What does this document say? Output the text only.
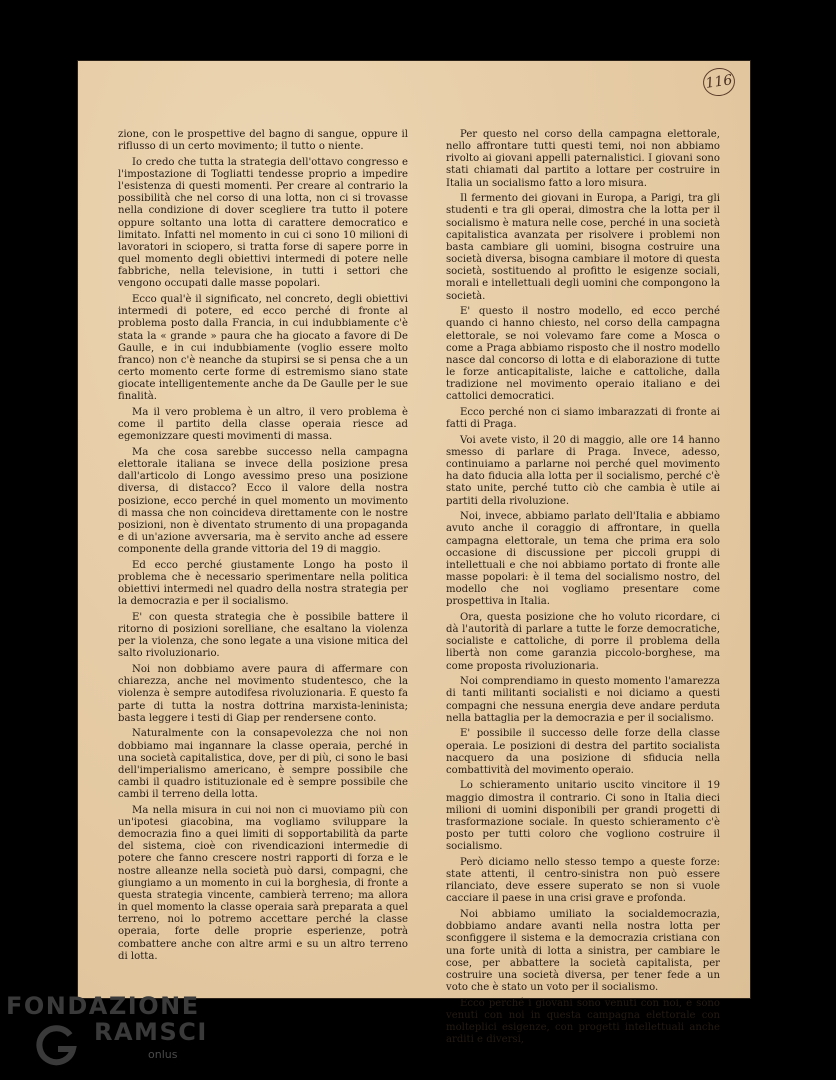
116

zione, con le prospettive del bagno di sangue, oppure il riflusso di un certo movimento; il tutto o niente.

Io credo che tutta la strategia dell'ottavo congresso e l'impostazione di Togliatti tendesse proprio a impedire l'esistenza di questi momenti. Per creare al contrario la possibilità che nel corso di una lotta, non ci si trovasse nella condizione di dover scegliere tra tutto il potere oppure soltanto una lotta di carattere democratico e limitato. Infatti nel momento in cui ci sono 10 milioni di lavoratori in sciopero, si tratta forse di sapere porre in quel momento degli obiettivi intermedi di potere nelle fabbriche, nella televisione, in tutti i settori che vengono occupati dalle masse popolari.

Ecco qual'è il significato, nel concreto, degli obiettivi intermedi di potere, ed ecco perché di fronte al problema posto dalla Francia, in cui indubbiamente c'è stata la « grande » paura che ha giocato a favore di De Gaulle, e in cui indubbiamente (voglio essere molto franco) non c'è neanche da stupirsi se si pensa che a un certo momento certe forme di estremismo siano state giocate intelligentemente anche da De Gaulle per le sue finalità.

Ma il vero problema è un altro, il vero problema è come il partito della classe operaia riesce ad egemonizzare questi movimenti di massa.

Ma che cosa sarebbe successo nella campagna elettorale italiana se invece della posizione presa dall'articolo di Longo avessimo preso una posizione diversa, di distacco? Ecco il valore della nostra posizione, ecco perché in quel momento un movimento di massa che non coincideva direttamente con le nostre posizioni, non è diventato strumento di una propaganda e di un'azione avversaria, ma è servito anche ad essere componente della grande vittoria del 19 di maggio.

Ed ecco perché giustamente Longo ha posto il problema che è necessario sperimentare nella politica obiettivi intermedi nel quadro della nostra strategia per la democrazia e per il socialismo.

E' con questa strategia che è possibile battere il ritorno di posizioni sorelliane, che esaltano la violenza per la violenza, che sono legate a una visione mitica del salto rivoluzionario.

Noi non dobbiamo avere paura di affermare con chiarezza, anche nel movimento studentesco, che la violenza è sempre autodifesa rivoluzionaria. E questo fa parte di tutta la nostra dottrina marxista-leninista; basta leggere i testi di Giap per rendersene conto.

Naturalmente con la consapevolezza che noi non dobbiamo mai ingannare la classe operaia, perché in una società capitalistica, dove, per di più, ci sono le basi dell'imperialismo americano, è sempre possibile che cambi il quadro istituzionale ed è sempre possibile che cambi il terreno della lotta.

Ma nella misura in cui noi non ci muoviamo più con un'ipotesi giacobina, ma vogliamo sviluppare la democrazia fino a quei limiti di sopportabilità da parte del sistema, cioè con rivendicazioni intermedie di potere che fanno crescere nostri rapporti di forza e le nostre alleanze nella società può darsi, compagni, che giungiamo a un momento in cui la borghesia, di fronte a questa strategia vincente, cambierà terreno; ma allora in quel momento la classe operaia sarà preparata a quel terreno, noi lo potremo accettare perché la classe operaia, forte delle proprie esperienze, potrà combattere anche con altre armi e su un altro terreno di lotta.

Per questo nel corso della campagna elettorale, nello affrontare tutti questi temi, noi non abbiamo rivolto ai giovani appelli paternalistici. I giovani sono stati chiamati dal partito a lottare per costruire in Italia un socialismo fatto a loro misura.

Il fermento dei giovani in Europa, a Parigi, tra gli studenti e tra gli operai, dimostra che la lotta per il socialismo è matura nelle cose, perché in una società capitalistica avanzata per risolvere i problemi non basta cambiare gli uomini, bisogna costruire una società diversa, bisogna cambiare il motore di questa società, sostituendo al profitto le esigenze sociali, morali e intellettuali degli uomini che compongono la società.

E' questo il nostro modello, ed ecco perché quando ci hanno chiesto, nel corso della campagna elettorale, se noi volevamo fare come a Mosca o come a Praga abbiamo risposto che il nostro modello nasce dal concorso di lotta e di elaborazione di tutte le forze anticapitaliste, laiche e cattoliche, dalla tradizione nel movimento operaio italiano e dei cattolici democratici.

Ecco perché non ci siamo imbarazzati di fronte ai fatti di Praga.

Voi avete visto, il 20 di maggio, alle ore 14 hanno smesso di parlare di Praga. Invece, adesso, continuiamo a parlarne noi perché quel movimento ha dato fiducia alla lotta per il socialismo, perché c'è stato unite, perché tutto ciò che cambia è utile ai partiti della rivoluzione.

Noi, invece, abbiamo parlato dell'Italia e abbiamo avuto anche il coraggio di affrontare, in quella campagna elettorale, un tema che prima era solo occasione di discussione per piccoli gruppi di intellettuali e che noi abbiamo portato di fronte alle masse popolari: è il tema del socialismo nostro, del modello che noi vogliamo presentare come prospettiva in Italia.

Ora, questa posizione che ho voluto ricordare, ci dà l'autorità di parlare a tutte le forze democratiche, socialiste e cattoliche, di porre il problema della libertà non come garanzia piccolo-borghese, ma come proposta rivoluzionaria.

Noi comprendiamo in questo momento l'amarezza di tanti militanti socialisti e noi diciamo a questi compagni che nessuna energia deve andare perduta nella battaglia per la democrazia e per il socialismo.

E' possibile il successo delle forze della classe operaia. Le posizioni di destra del partito socialista nacquero da una posizione di sfiducia nella combattività del movimento operaio.

Lo schieramento unitario uscito vincitore il 19 maggio dimostra il contrario. Ci sono in Italia dieci milioni di uomini disponibili per grandi progetti di trasformazione sociale. In questo schieramento c'è posto per tutti coloro che vogliono costruire il socialismo.

Però diciamo nello stesso tempo a queste forze: state attenti, il centro-sinistra non può essere rilanciato, deve essere superato se non si vuole cacciare il paese in una crisi grave e profonda.

Noi abbiamo umiliato la socialdemocrazia, dobbiamo andare avanti nella nostra lotta per sconfiggere il sistema e la democrazia cristiana con una forte unità di lotta a sinistra, per cambiare le cose, per abbattere la società capitalista, per costruire una società diversa, per tener fede a un voto che è stato un voto per il socialismo.

Ecco perché i giovani sono venuti con noi, e sono venuti con noi in questa campagna elettorale con molteplici esigenze, con progetti intellettuali anche arditi e diversi,

FONDAZIONE
RAMSCI
onlus
